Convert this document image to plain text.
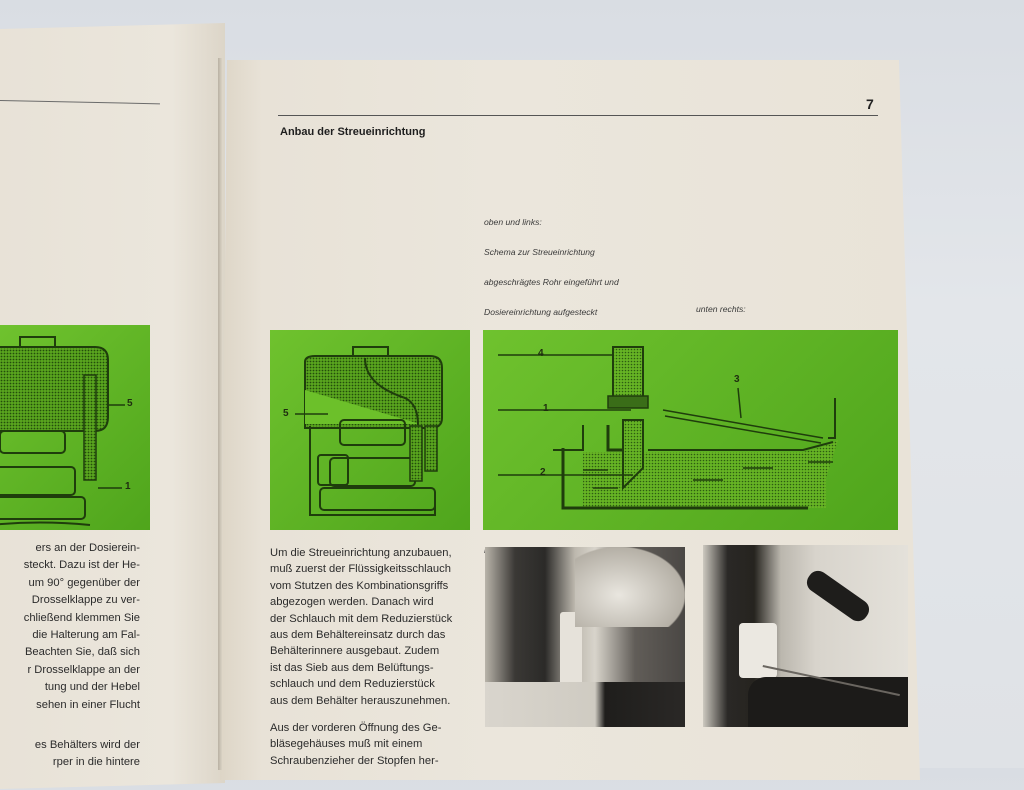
7
Anbau der Streueinrichtung

oben und links:

Schema zur Streueinrichtung

abgeschrägtes Rohr eingeführt und

Dosiereinrichtung aufgesteckt

	unten rechts:

5
1
5
4
1
3
2
Um die Streueinrichtung anzubauen,
muß zuerst der Flüssigkeitsschlauch
vom Stutzen des Kombinationsgriffs
abgezogen werden. Danach wird
der Schlauch mit dem Reduzierstück
aus dem Behältereinsatz durch das
Behälterinnere ausgebaut. Zudem
ist das Sieb aus dem Belüftungs-
schlauch und dem Reduzierstück
aus dem Behälter herauszunehmen.
Aus der vorderen Öffnung des Ge-
bläsegehäuses muß mit einem
Schraubenzieher der Stopfen her-
ers an der Dosierein-
steckt. Dazu ist der He-
um 90° gegenüber der
Drosselklappe zu ver-
chließend klemmen Sie
die Halterung am Fal-
Beachten Sie, daß sich
r Drosselklappe an der
tung und der Hebel
sehen in einer Flucht
es Behälters wird der
rper in die hintere
